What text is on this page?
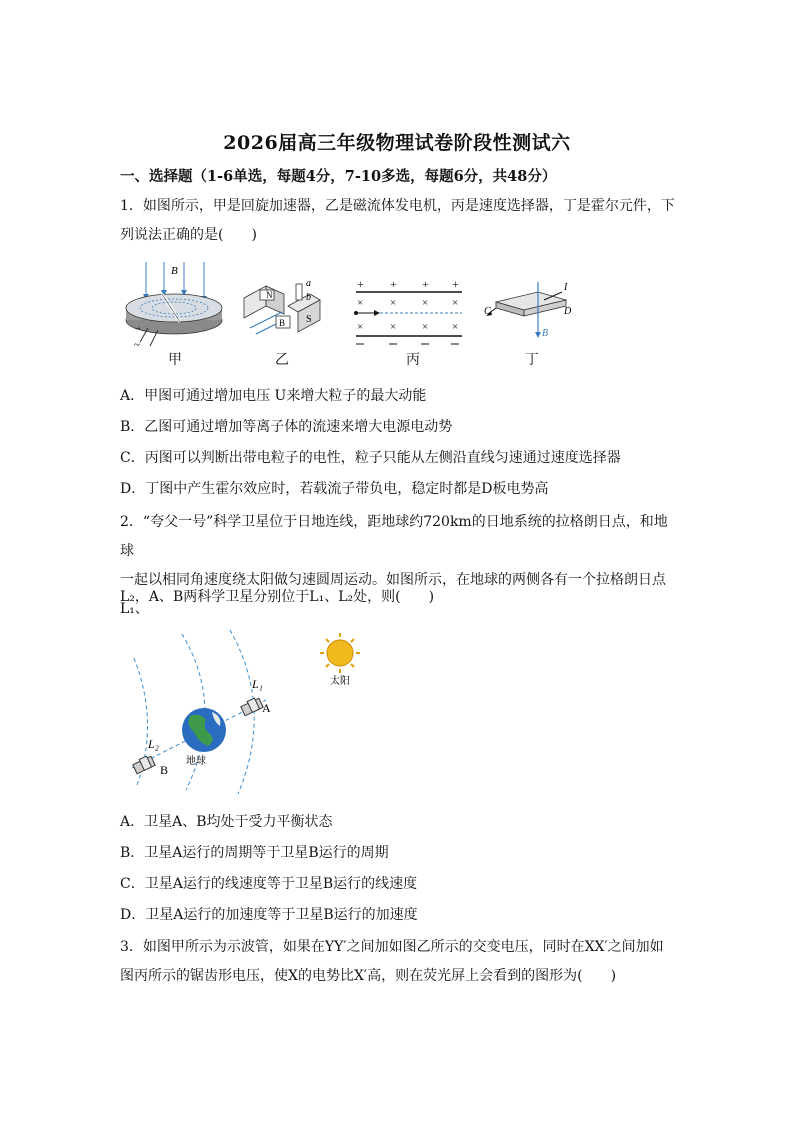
2026届高三年级物理试卷阶段性测试六
一、选择题（1-6单选，每题4分，7-10多选，每题6分，共48分）
1．如图所示，甲是回旋加速器，乙是磁流体发电机，丙是速度选择器，丁是霍尔元件，下
列说法正确的是(　　)
→
B
~
甲
N
B
a
b
S
乙
+ + + +
× × × ×
× × × ×
丙
I
C	D
B
丁
A．甲图可通过增加电压 U来增大粒子的最大动能
B．乙图可通过增加等离子体的流速来增大电源电动势
C．丙图可以判断出带电粒子的电性，粒子只能从左侧沿直线匀速通过速度选择器
D．丁图中产生霍尔效应时，若载流子带负电，稳定时都是D板电势高
2．“夸父一号”科学卫星位于日地连线，距地球约720km的日地系统的拉格朗日点，和地球
一起以相同角速度绕太阳做匀速圆周运动。如图所示，在地球的两侧各有一个拉格朗日点L₁、
L₂，A、B两科学卫星分别位于L₁、L₂处，则(　　)
太阳
地球
L₁
A
L₂
B
A．卫星A、B均处于受力平衡状态
B．卫星A运行的周期等于卫星B运行的周期
C．卫星A运行的线速度等于卫星B运行的线速度
D．卫星A运行的加速度等于卫星B运行的加速度
3．如图甲所示为示波管，如果在YY′之间加如图乙所示的交变电压，同时在XX′之间加如
图丙所示的锯齿形电压，使X的电势比X′高，则在荧光屏上会看到的图形为(　　)
